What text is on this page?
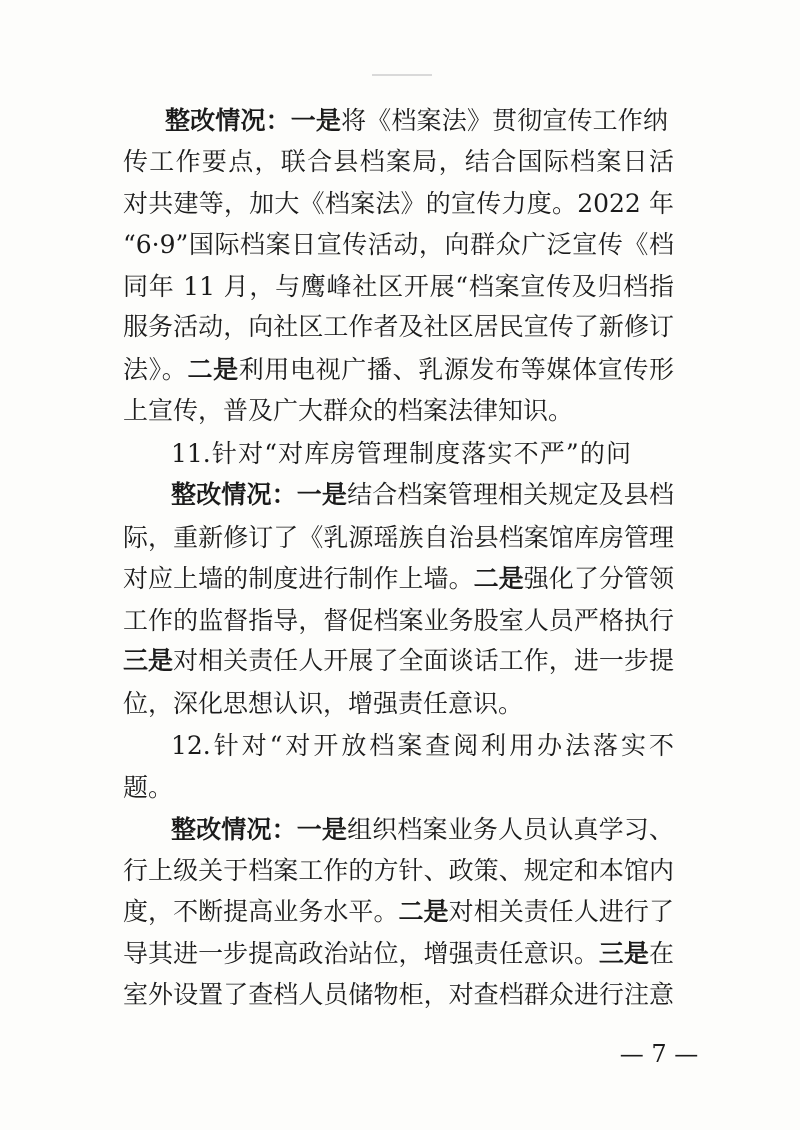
整改情况：一是将《档案法》贯彻宣传工作纳
传工作要点，联合县档案局，结合国际档案日活
对共建等，加大《档案法》的宣传力度。2022 年
“6·9”国际档案日宣传活动，向群众广泛宣传《档
同年 11 月，与鹰峰社区开展“档案宣传及归档指
服务活动，向社区工作者及社区居民宣传了新修订
法》。二是利用电视广播、乳源发布等媒体宣传形
上宣传，普及广大群众的档案法律知识。
11.针对“对库房管理制度落实不严”的问
整改情况：一是结合档案管理相关规定及县档
际，重新修订了《乳源瑶族自治县档案馆库房管理
对应上墙的制度进行制作上墙。二是强化了分管领
工作的监督指导，督促档案业务股室人员严格执行
三是对相关责任人开展了全面谈话工作，进一步提
位，深化思想认识，增强责任意识。
12.针对“对开放档案查阅利用办法落实不
题。
整改情况：一是组织档案业务人员认真学习、
行上级关于档案工作的方针、政策、规定和本馆内
度，不断提高业务水平。二是对相关责任人进行了
导其进一步提高政治站位，增强责任意识。三是在
室外设置了查档人员储物柜，对查档群众进行注意
— 7 —
